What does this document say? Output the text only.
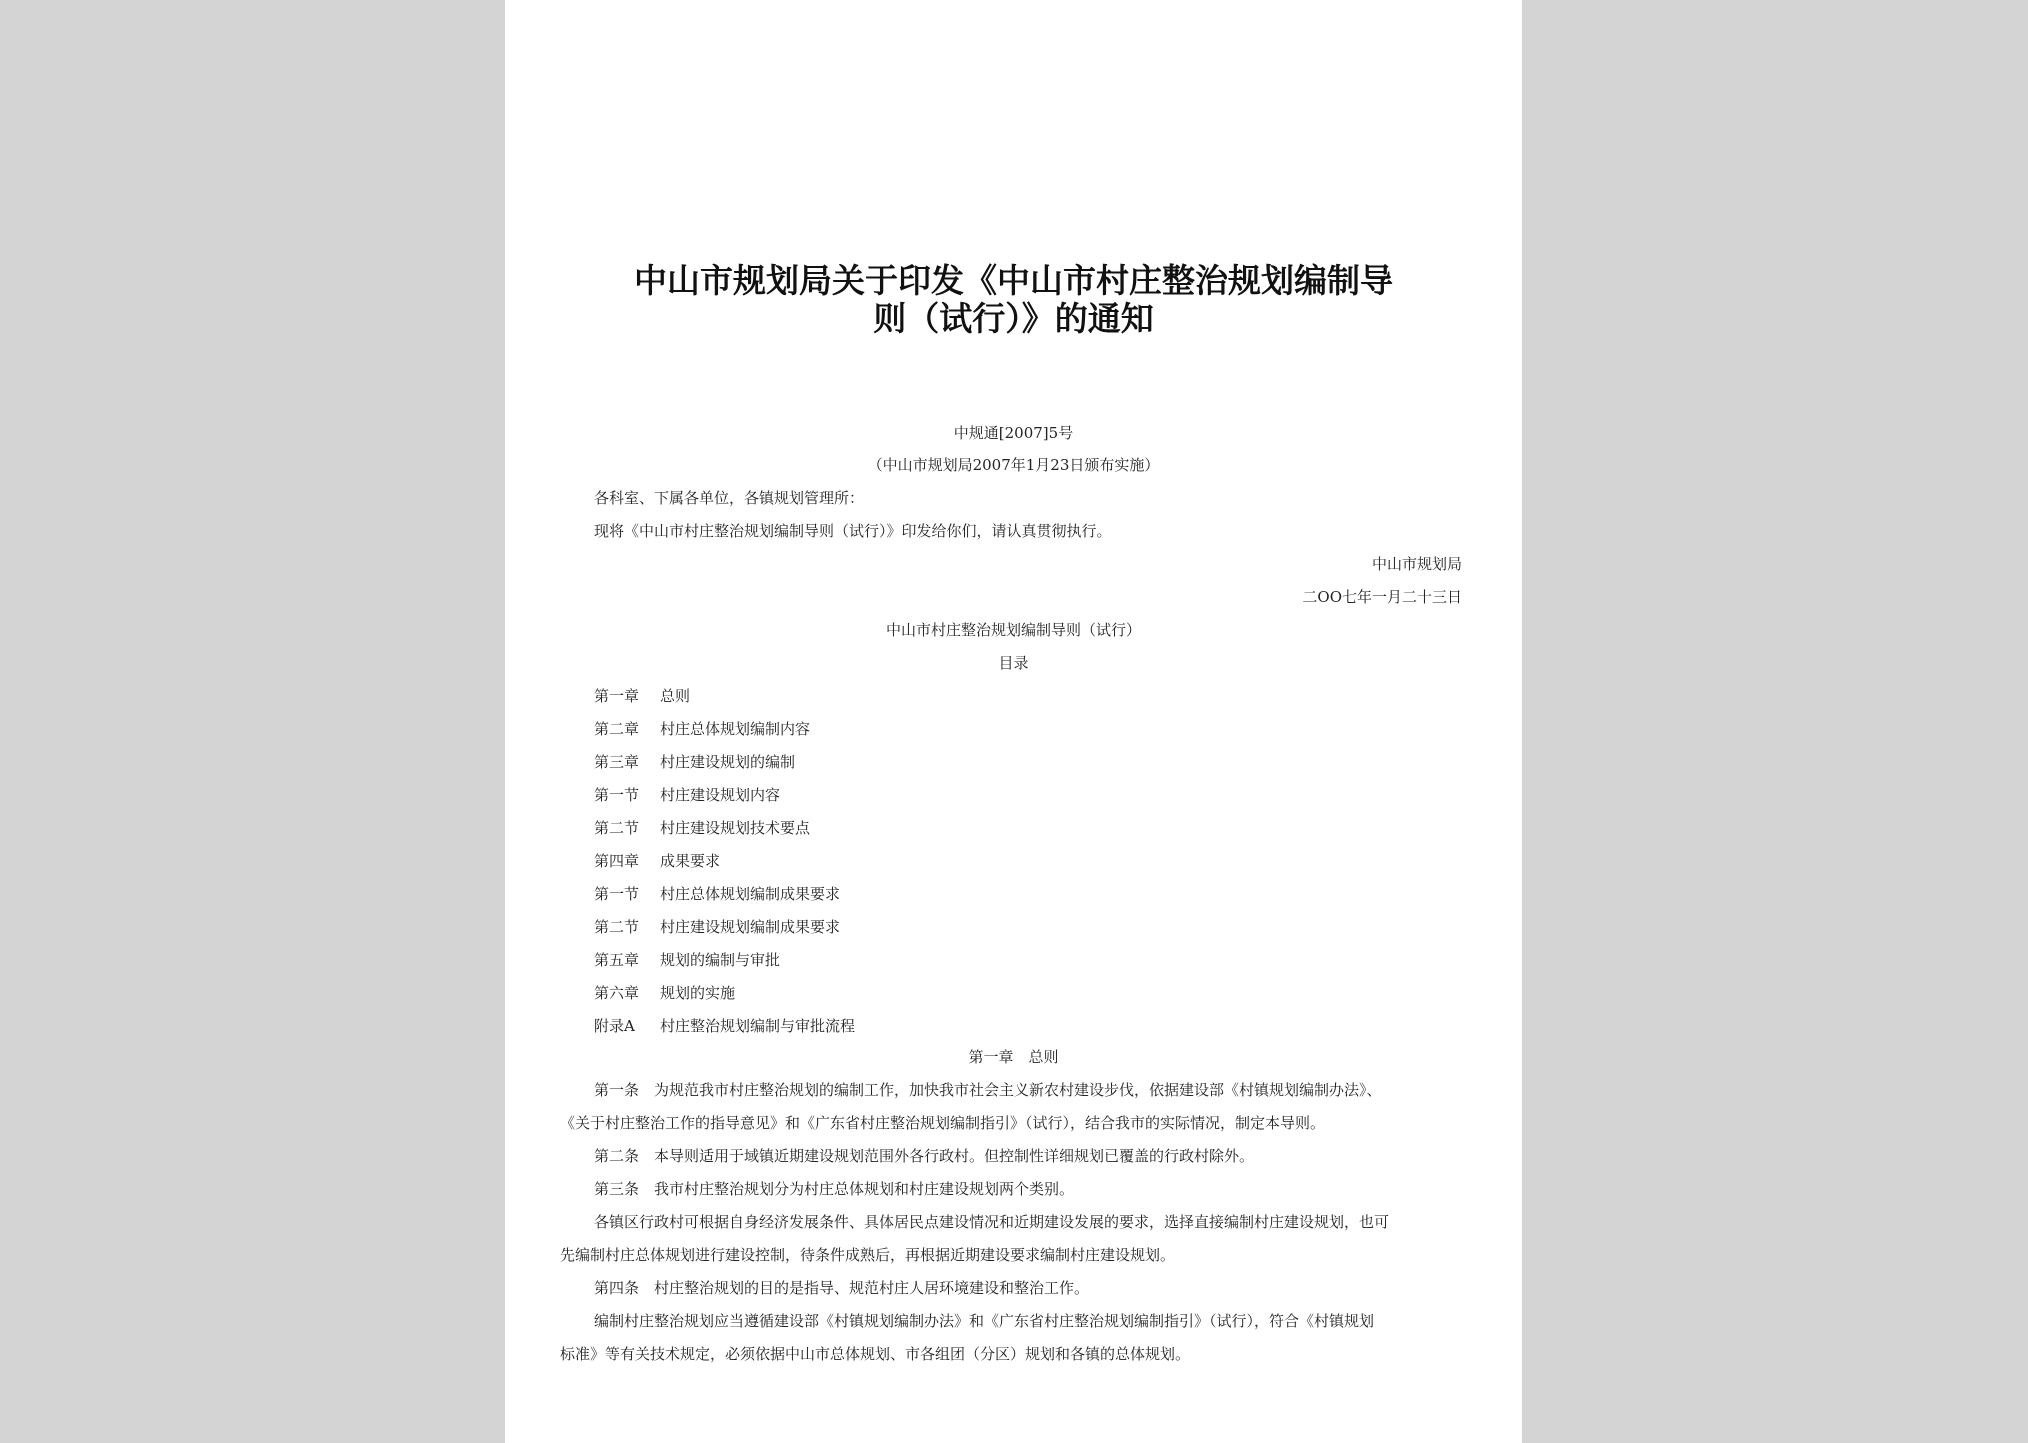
中山市规划局关于印发《中山市村庄整治规划编制导
则（试行）》的通知
中规通[2007]5号
（中山市规划局2007年1月23日颁布实施）
各科室、下属各单位，各镇规划管理所：
现将《中山市村庄整治规划编制导则（试行）》印发给你们，请认真贯彻执行。
中山市规划局
二OO七年一月二十三日
中山市村庄整治规划编制导则（试行）
目录
第一章 总则
第二章 村庄总体规划编制内容
第三章 村庄建设规划的编制
第一节 村庄建设规划内容
第二节 村庄建设规划技术要点
第四章 成果要求
第一节 村庄总体规划编制成果要求
第二节 村庄建设规划编制成果要求
第五章 规划的编制与审批
第六章 规划的实施
附录A 村庄整治规划编制与审批流程
第一章　总则
第一条　为规范我市村庄整治规划的编制工作，加快我市社会主义新农村建设步伐，依据建设部《村镇规划编制办法》、
《关于村庄整治工作的指导意见》和《广东省村庄整治规划编制指引》（试行），结合我市的实际情况，制定本导则。
第二条　本导则适用于域镇近期建设规划范围外各行政村。但控制性详细规划已覆盖的行政村除外。
第三条　我市村庄整治规划分为村庄总体规划和村庄建设规划两个类别。
各镇区行政村可根据自身经济发展条件、具体居民点建设情况和近期建设发展的要求，选择直接编制村庄建设规划，也可
先编制村庄总体规划进行建设控制，待条件成熟后，再根据近期建设要求编制村庄建设规划。
第四条　村庄整治规划的目的是指导、规范村庄人居环境建设和整治工作。
编制村庄整治规划应当遵循建设部《村镇规划编制办法》和《广东省村庄整治规划编制指引》（试行），符合《村镇规划
标准》等有关技术规定，必须依据中山市总体规划、市各组团（分区）规划和各镇的总体规划。
